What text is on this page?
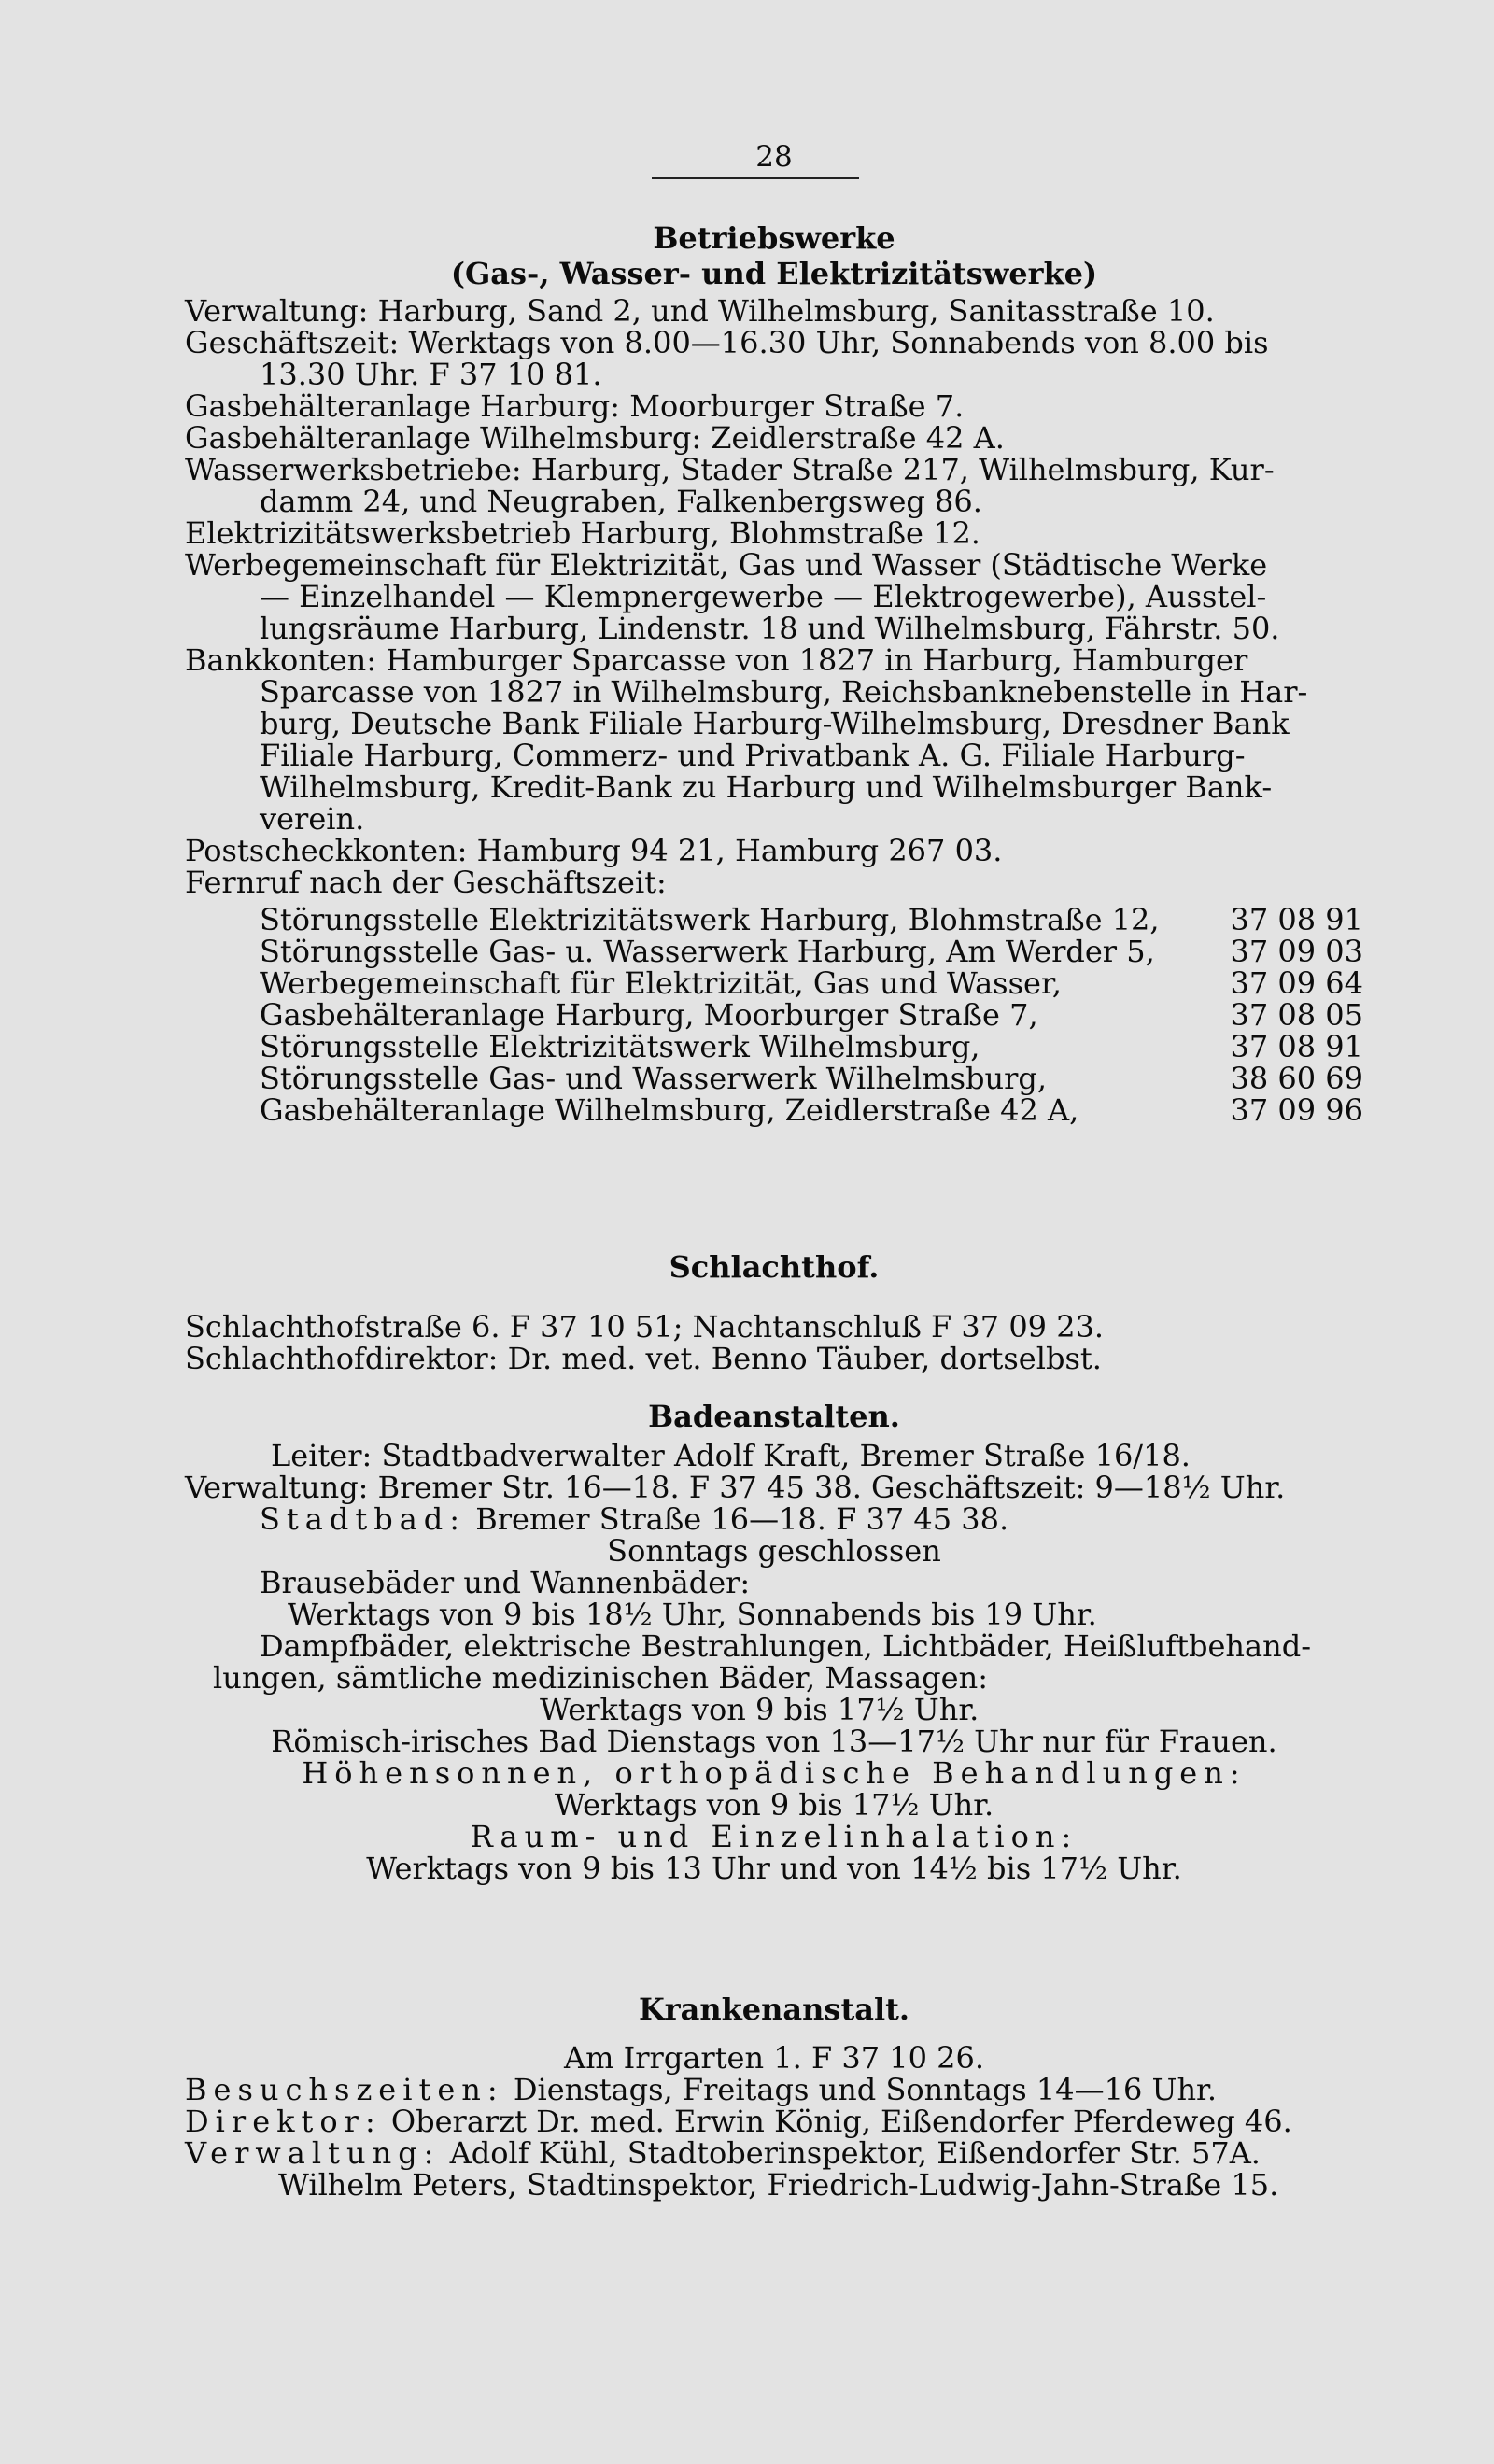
28
Betriebswerke
(Gas-, Wasser- und Elektrizitätswerke)
Verwaltung: Harburg, Sand 2, und Wilhelmsburg, Sanitasstraße 10.
Geschäftszeit: Werktags von 8.00—16.30 Uhr, Sonnabends von 8.00 bis
13.30 Uhr. F 37 10 81.
Gasbehälteranlage Harburg: Moorburger Straße 7.
Gasbehälteranlage Wilhelmsburg: Zeidlerstraße 42 A.
Wasserwerksbetriebe: Harburg, Stader Straße 217, Wilhelmsburg, Kur-
damm 24, und Neugraben, Falkenbergsweg 86.
Elektrizitätswerksbetrieb Harburg, Blohmstraße 12.
Werbegemeinschaft für Elektrizität, Gas und Wasser (Städtische Werke
— Einzelhandel — Klempnergewerbe — Elektrogewerbe), Ausstel-
lungsräume Harburg, Lindenstr. 18 und Wilhelmsburg, Fährstr. 50.
Bankkonten: Hamburger Sparcasse von 1827 in Harburg, Hamburger
Sparcasse von 1827 in Wilhelmsburg, Reichsbanknebenstelle in Har-
burg, Deutsche Bank Filiale Harburg-Wilhelmsburg, Dresdner Bank
Filiale Harburg, Commerz- und Privatbank A. G. Filiale Harburg-
Wilhelmsburg, Kredit-Bank zu Harburg und Wilhelmsburger Bank-
verein.
Postscheckkonten: Hamburg 94 21, Hamburg 267 03.
Fernruf nach der Geschäftszeit:
Störungsstelle Elektrizitätswerk Harburg, Blohmstraße 12, 37 08 91
Störungsstelle Gas- u. Wasserwerk Harburg, Am Werder 5,	37 09 03
Werbegemeinschaft für Elektrizität, Gas und Wasser,	37 09 64
Gasbehälteranlage Harburg, Moorburger Straße 7,	37 08 05
Störungsstelle Elektrizitätswerk Wilhelmsburg,	37 08 91
Störungsstelle Gas- und Wasserwerk Wilhelmsburg,	38 60 69
Gasbehälteranlage Wilhelmsburg, Zeidlerstraße 42 A,	37 09 96
Schlachthof.
Schlachthofstraße 6. F 37 10 51; Nachtanschluß F 37 09 23.
Schlachthofdirektor: Dr. med. vet. Benno Täuber, dortselbst.
Badeanstalten.
Leiter: Stadtbadverwalter Adolf Kraft, Bremer Straße 16/18.
Verwaltung: Bremer Str. 16—18. F 37 45 38. Geschäftszeit: 9—18½ Uhr.
Stadtbad: Bremer Straße 16—18. F 37 45 38.
Sonntags geschlossen
Brausebäder und Wannenbäder:
Werktags von 9 bis 18½ Uhr, Sonnabends bis 19 Uhr.
Dampfbäder, elektrische Bestrahlungen, Lichtbäder, Heißluftbehand-
lungen, sämtliche medizinischen Bäder, Massagen:
Werktags von 9 bis 17½ Uhr.
Römisch-irisches Bad Dienstags von 13—17½ Uhr nur für Frauen.
Höhensonnen, orthopädische Behandlungen:
Werktags von 9 bis 17½ Uhr.
Raum- und Einzelinhalation:
Werktags von 9 bis 13 Uhr und von 14½ bis 17½ Uhr.
Krankenanstalt.
Am Irrgarten 1. F 37 10 26.
Besuchszeiten: Dienstags, Freitags und Sonntags 14—16 Uhr.
Direktor: Oberarzt Dr. med. Erwin König, Eißendorfer Pferdeweg 46.
Verwaltung: Adolf Kühl, Stadtoberinspektor, Eißendorfer Str. 57A.
Wilhelm Peters, Stadtinspektor, Friedrich-Ludwig-Jahn-Straße 15.
